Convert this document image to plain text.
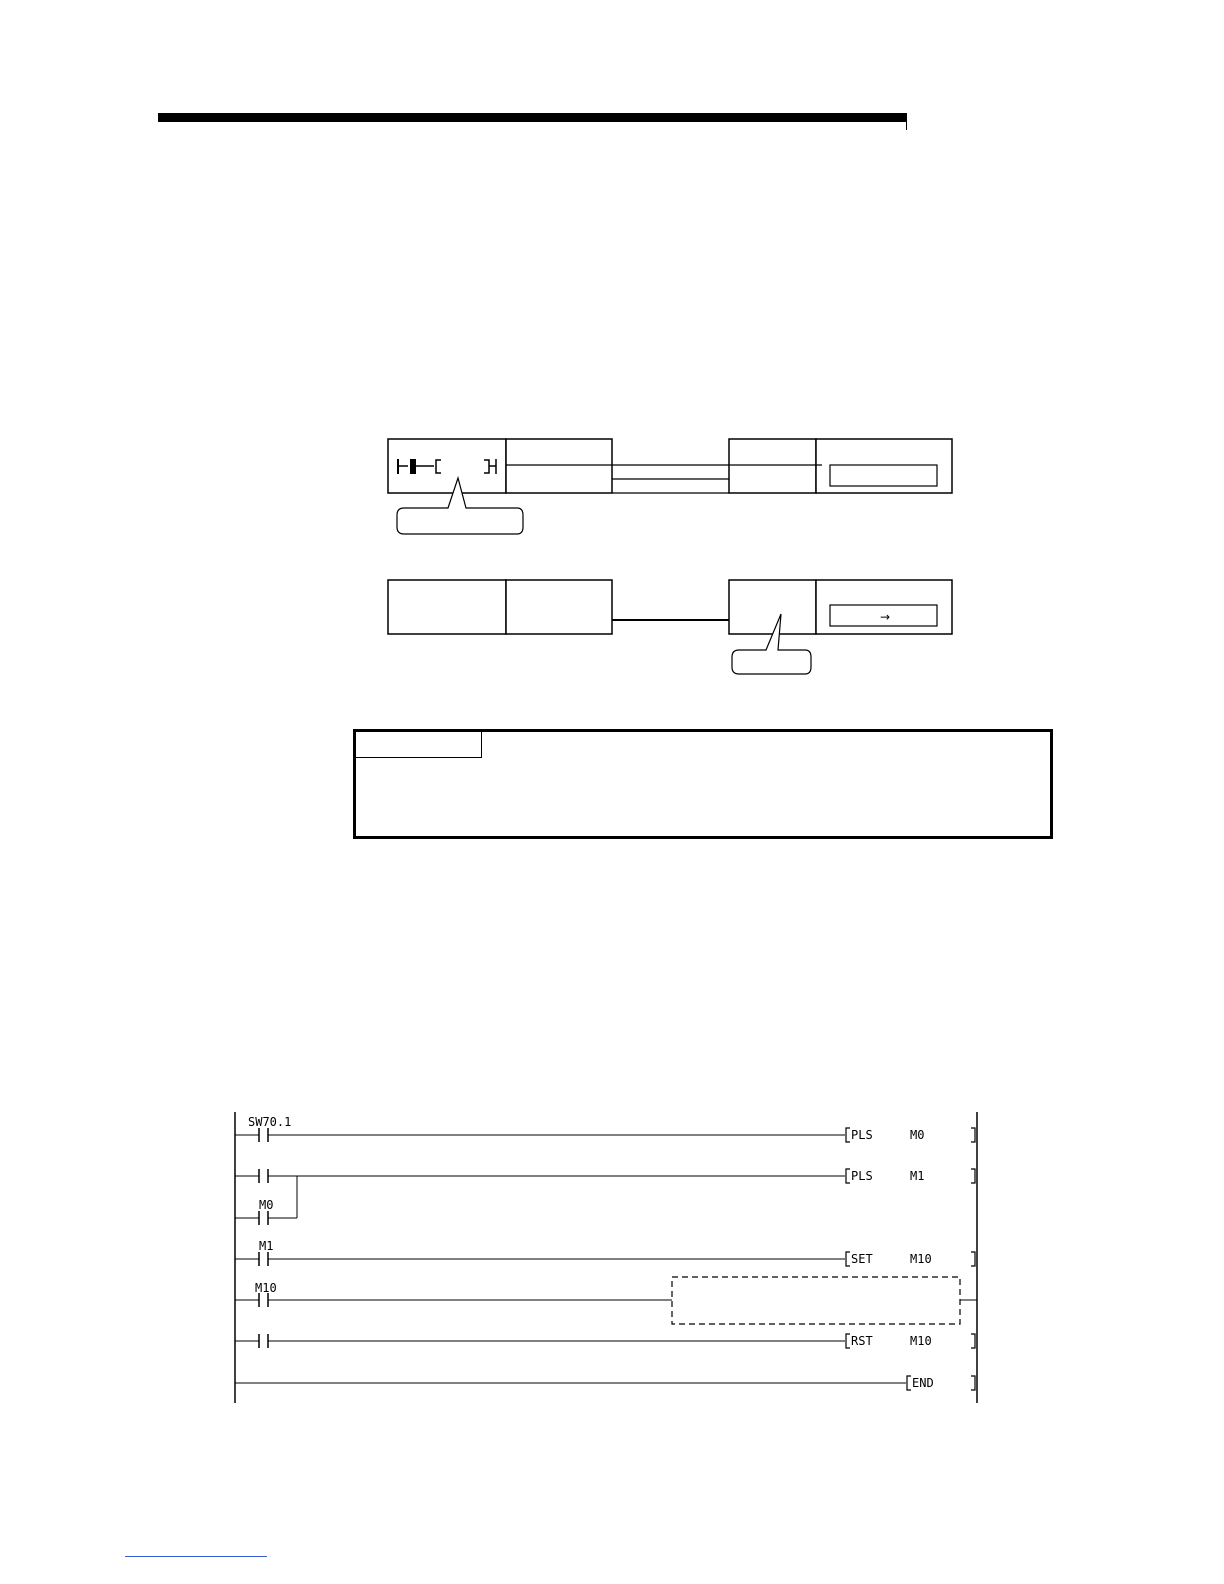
→
SW70.1
PLS	M0
PLS	M1
M0
M1
SET	M10
M10
RST	M10
END
